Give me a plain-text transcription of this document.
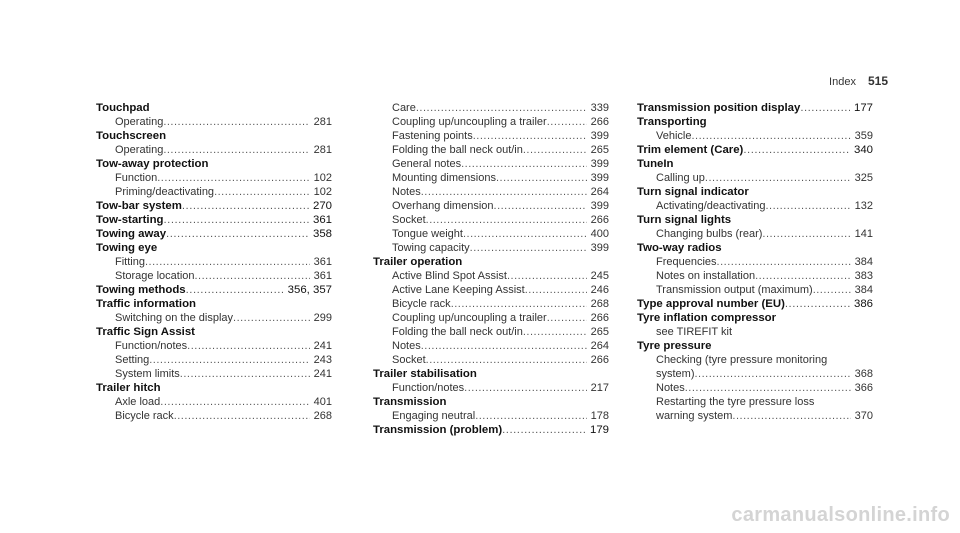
Index 515
Touchpad
Operating .....	281
Touchscreen
Operating .....	281
Tow-away protection
Function .....	102
Priming/deactivating .....	102
Tow-bar system .....	270
Tow-starting .....	361
Towing away .....	358
Towing eye
Fitting .....	361
Storage location .....	361
Towing methods .....	356, 357
Traffic information
Switching on the display .....	299
Traffic Sign Assist
Function/notes .....	241
Setting .....	243
System limits .....	241
Trailer hitch
Axle load .....	401
Bicycle rack .....	268
Care .....	339
Coupling up/uncoupling a trailer .....	266
Fastening points .....	399
Folding the ball neck out/in .....	265
General notes .....	399
Mounting dimensions .....	399
Notes .....	264
Overhang dimension .....	399
Socket .....	266
Tongue weight .....	400
Towing capacity .....	399
Trailer operation
Active Blind Spot Assist .....	245
Active Lane Keeping Assist .....	246
Bicycle rack .....	268
Coupling up/uncoupling a trailer .....	266
Folding the ball neck out/in .....	265
Notes .....	264
Socket .....	266
Trailer stabilisation
Function/notes .....	217
Transmission
Engaging neutral .....	178
Transmission (problem) .....	179
Transmission position display .....	177
Transporting
Vehicle .....	359
Trim element (Care) .....	340
TuneIn
Calling up .....	325
Turn signal indicator
Activating/deactivating .....	132
Turn signal lights
Changing bulbs (rear) .....	141
Two-way radios
Frequencies .....	384
Notes on installation .....	383
Transmission output (maximum) .....	384
Type approval number (EU) .....	386
Tyre inflation compressor
see TIREFIT kit
Tyre pressure
Checking (tyre pressure monitoring
system) .....	368
Notes .....	366
Restarting the tyre pressure loss
warning system .....	370
carmanualsonline.info
